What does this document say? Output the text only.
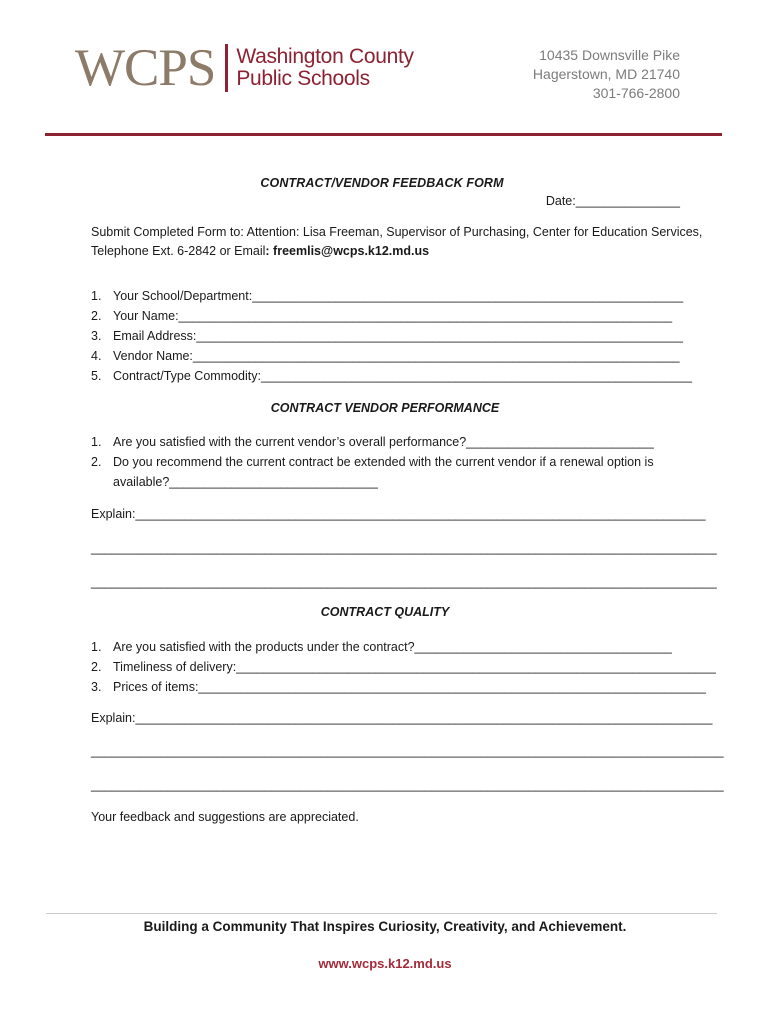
WCPS Washington County
Public Schools
10435 Downsville Pike
Hagerstown, MD 21740
301-766-2800
CONTRACT/VENDOR FEEDBACK FORM
Date:_______________
Submit Completed Form to: Attention: Lisa Freeman, Supervisor of Purchasing, Center for Education Services, Telephone Ext. 6-2842 or Email: freemlis@wcps.k12.md.us
1. Your School/Department:______________________________________________________________
2. Your Name:_______________________________________________________________________
3. Email Address:______________________________________________________________________
4. Vendor Name:______________________________________________________________________
5. Contract/Type Commodity:______________________________________________________________
CONTRACT VENDOR PERFORMANCE
1. Are you satisfied with the current vendor’s overall performance?___________________________
2. Do you recommend the current contract be extended with the current vendor if a renewal option is
available?______________________________
Explain:__________________________________________________________________________________
__________________________________________________________________________________________
__________________________________________________________________________________________
CONTRACT QUALITY
1. Are you satisfied with the products under the contract?_____________________________________
2. Timeliness of delivery:_____________________________________________________________________
3. Prices of items:_________________________________________________________________________
Explain:___________________________________________________________________________________
___________________________________________________________________________________________
___________________________________________________________________________________________
Your feedback and suggestions are appreciated.
Building a Community That Inspires Curiosity, Creativity, and Achievement.
www.wcps.k12.md.us
